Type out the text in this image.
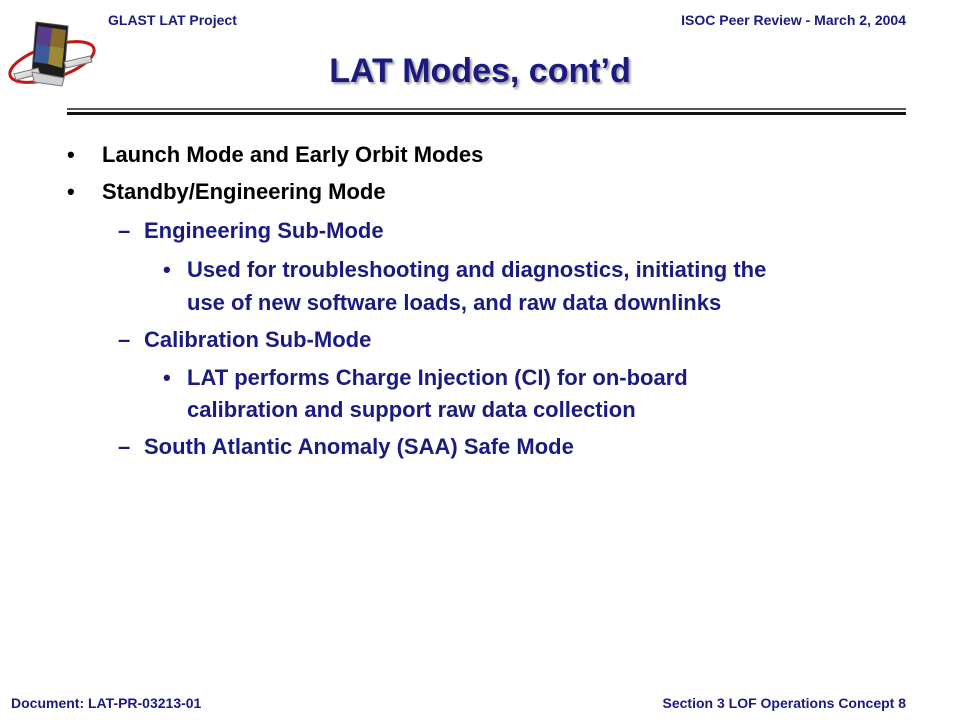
GLAST LAT Project	ISOC Peer Review - March 2, 2004
LAT Modes, cont’d
• Launch Mode and Early Orbit Modes
• Standby/Engineering Mode
– Engineering Sub-Mode
• Used for troubleshooting and diagnostics, initiating the
use of new software loads, and raw data downlinks
– Calibration Sub-Mode
• LAT performs Charge Injection (CI) for on-board
calibration and support raw data collection
– South Atlantic Anomaly (SAA) Safe Mode
Document: LAT-PR-03213-01	Section 3 LOF Operations Concept 8
